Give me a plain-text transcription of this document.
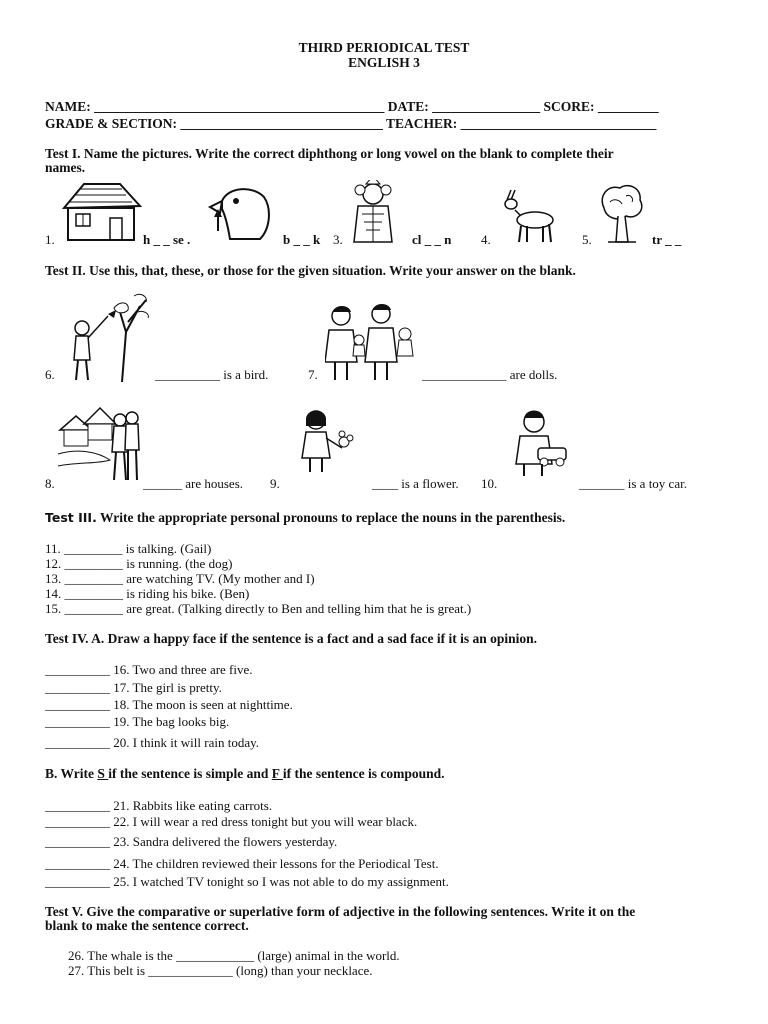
THIRD PERIODICAL TEST
ENGLISH 3
NAME: ___________________________________________ DATE: ________________ SCORE: _________
GRADE & SECTION: ______________________________ TEACHER: _____________________________
Test I. Name the pictures. Write the correct diphthong or long vowel on the blank to complete their
names.
1.	h _ _ se .	b _ _ k 3.	cl _ _ n 4.	5.	tr _ _
Test II. Use this, that, these, or those for the given situation. Write your answer on the blank.
6.	__________ is a bird.	7.	_____________ are dolls.
8.	______ are houses. 9.	____ is a flower. 10.	_______ is a toy car.
Test III. Write the appropriate personal pronouns to replace the nouns in the parenthesis.
11. _________ is talking. (Gail)
12. _________ is running. (the dog)
13. _________ are watching TV. (My mother and I)
14. _________ is riding his bike. (Ben)
15. _________ are great. (Talking directly to Ben and telling him that he is great.)
Test IV. A. Draw a happy face if the sentence is a fact and a sad face if it is an opinion.
__________ 16. Two and three are five.
__________ 17. The girl is pretty.
__________ 18. The moon is seen at nighttime.
__________ 19. The bag looks big.
__________ 20. I think it will rain today.
B. Write S if the sentence is simple and F if the sentence is compound.
__________ 21. Rabbits like eating carrots.
__________ 22. I will wear a red dress tonight but you will wear black.
__________ 23. Sandra delivered the flowers yesterday.
__________ 24. The children reviewed their lessons for the Periodical Test.
__________ 25. I watched TV tonight so I was not able to do my assignment.
Test V. Give the comparative or superlative form of adjective in the following sentences. Write it on the
blank to make the sentence correct.
26. The whale is the ____________ (large) animal in the world.
27. This belt is _____________ (long) than your necklace.
